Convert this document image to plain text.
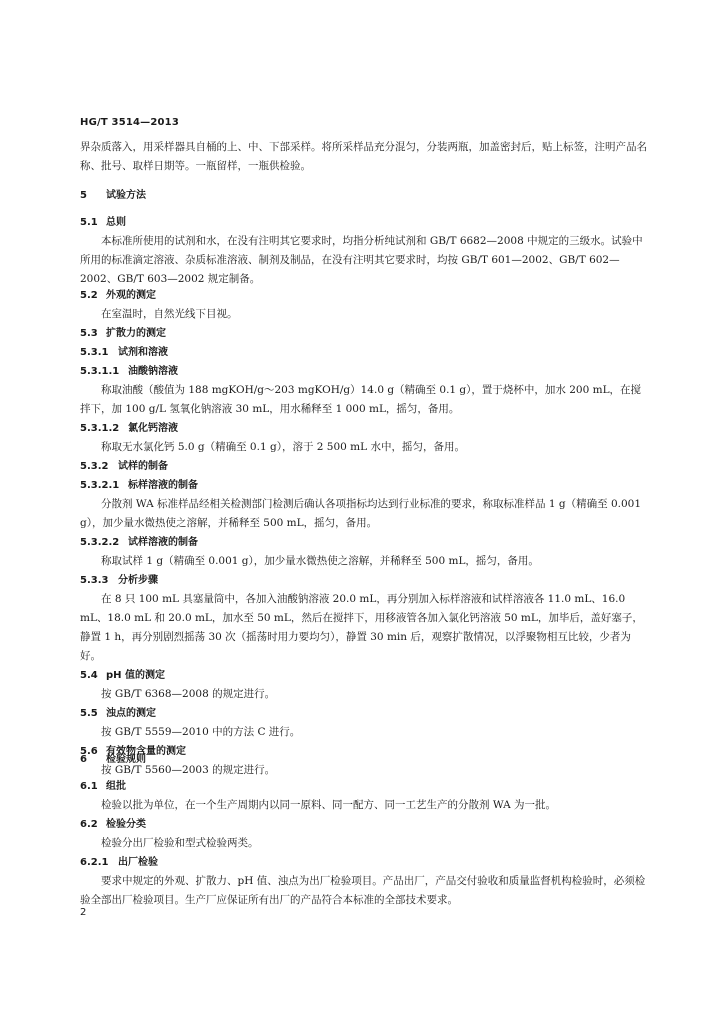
HG/T 3514—2013

界杂质落入，用采样器具自桶的上、中、下部采样。将所采样品充分混匀，分装两瓶，加盖密封后，贴上标签，注明产品名称、批号、取样日期等。一瓶留样，一瓶供检验。

5 试验方法
5.1 总则

本标准所使用的试剂和水，在没有注明其它要求时，均指分析纯试剂和 GB/T 6682—2008 中规定的三级水。试验中所用的标准滴定溶液、杂质标准溶液、制剂及制品，在没有注明其它要求时，均按 GB/T 601—2002、GB/T 602—2002、GB/T 603—2002 规定制备。

5.2 外观的测定

在室温时，自然光线下目视。

5.3 扩散力的测定
5.3.1 试剂和溶液
5.3.1.1 油酸钠溶液

称取油酸（酸值为 188 mgKOH/g～203 mgKOH/g）14.0 g（精确至 0.1 g），置于烧杯中，加水 200 mL，在搅拌下，加 100 g/L 氢氧化钠溶液 30 mL，用水稀释至 1 000 mL，摇匀，备用。

5.3.1.2 氯化钙溶液

称取无水氯化钙 5.0 g（精确至 0.1 g），溶于 2 500 mL 水中，摇匀，备用。

5.3.2 试样的制备
5.3.2.1 标样溶液的制备

分散剂 WA 标准样品经相关检测部门检测后确认各项指标均达到行业标准的要求，称取标准样品 1 g（精确至 0.001 g），加少量水微热使之溶解，并稀释至 500 mL，摇匀，备用。

5.3.2.2 试样溶液的制备

称取试样 1 g（精确至 0.001 g），加少量水微热使之溶解，并稀释至 500 mL，摇匀，备用。

5.3.3 分析步骤

在 8 只 100 mL 具塞量筒中，各加入油酸钠溶液 20.0 mL，再分别加入标样溶液和试样溶液各 11.0 mL、16.0 mL、18.0 mL 和 20.0 mL，加水至 50 mL，然后在搅拌下，用移液管各加入氯化钙溶液 50 mL，加毕后，盖好塞子，静置 1 h，再分别剧烈摇荡 30 次（摇荡时用力要均匀），静置 30 min 后，观察扩散情况，以浮聚物相互比较，少者为好。

5.4 pH 值的测定

按 GB/T 6368—2008 的规定进行。

5.5 浊点的测定

按 GB/T 5559—2010 中的方法 C 进行。

5.6 有效物含量的测定

按 GB/T 5560—2003 的规定进行。

6 检验规则
6.1 组批

检验以批为单位，在一个生产周期内以同一原料、同一配方、同一工艺生产的分散剂 WA 为一批。

6.2 检验分类

检验分出厂检验和型式检验两类。

6.2.1 出厂检验

要求中规定的外观、扩散力、pH 值、浊点为出厂检验项目。产品出厂，产品交付验收和质量监督机构检验时，必须检验全部出厂检验项目。生产厂应保证所有出厂的产品符合本标准的全部技术要求。

2
